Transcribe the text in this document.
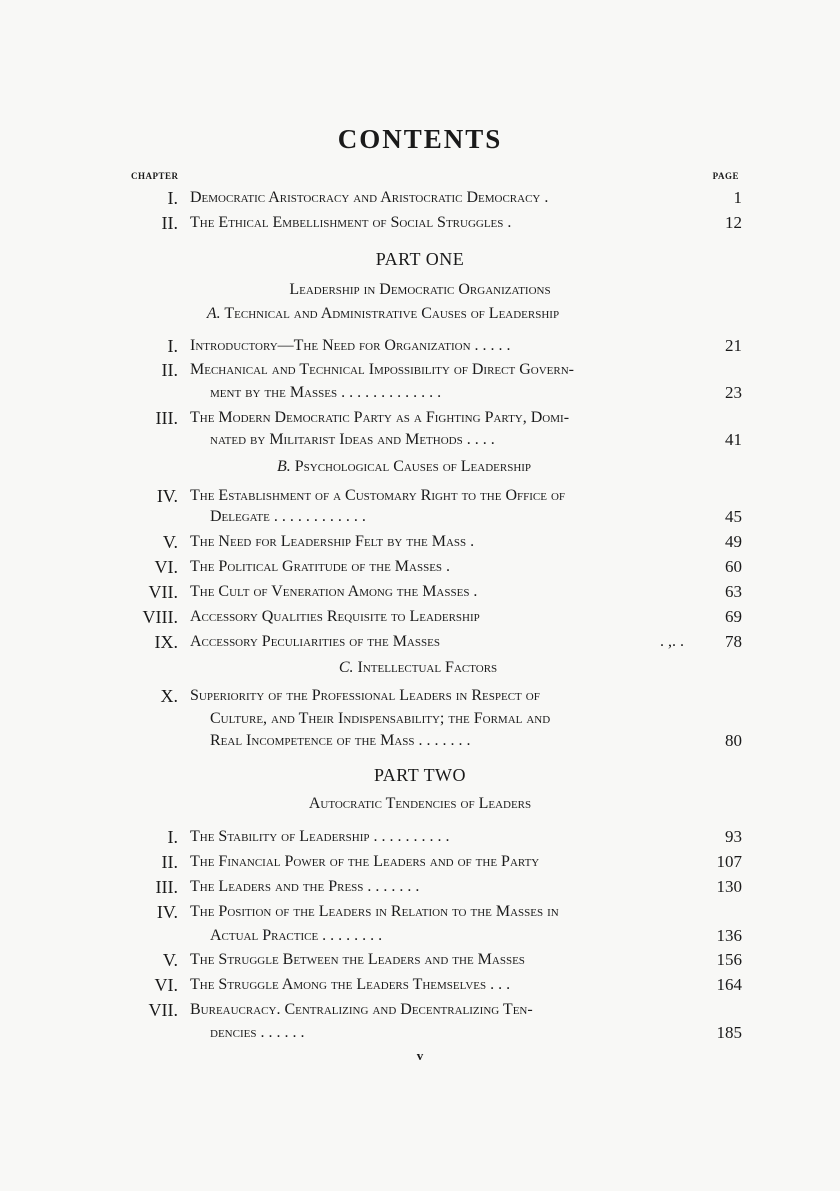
CONTENTS
CHAPTER	PAGE
I. Democratic Aristocracy and Aristocratic Democracy .	1
II. The Ethical Embellishment of Social Struggles .	12
PART ONE
Leadership in Democratic Organizations
A. Technical and Administrative Causes of Leadership
I. Introductory—The Need for Organization . . . . .	21
II. Mechanical and Technical Impossibility of Direct Govern-
ment by the Masses . . . . . . . . . . . . .	23
III. The Modern Democratic Party as a Fighting Party, Domi-
nated by Militarist Ideas and Methods . . . .	41
B. Psychological Causes of Leadership
IV. The Establishment of a Customary Right to the Office of
Delegate . . . . . . . . . . . .	45
V. The Need for Leadership Felt by the Mass .	49
VI. The Political Gratitude of the Masses .	60
VII. The Cult of Veneration Among the Masses .	63
VIII. Accessory Qualities Requisite to Leadership	69
IX. Accessory Peculiarities of the Masses	. ,. . 78
C. Intellectual Factors
X. Superiority of the Professional Leaders in Respect of
Culture, and Their Indispensability; the Formal and
Real Incompetence of the Mass . . . . . . .	80
PART TWO
Autocratic Tendencies of Leaders
I. The Stability of Leadership . . . . . . . . . .	93
II. The Financial Power of the Leaders and of the Party	107
III. The Leaders and the Press . . . . . . .	130
IV. The Position of the Leaders in Relation to the Masses in
Actual Practice . . . . . . . .	136
V. The Struggle Between the Leaders and the Masses	156
VI. The Struggle Among the Leaders Themselves . . .	164
VII. Bureaucracy. Centralizing and Decentralizing Ten-
dencies . . . . . .	185
v
